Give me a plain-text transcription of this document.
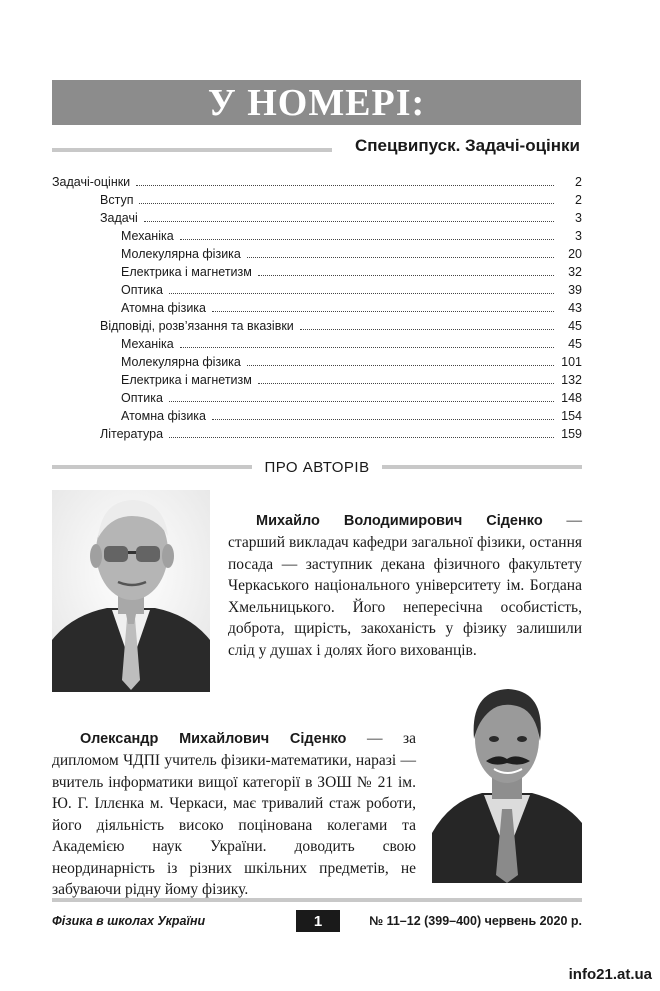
У НОМЕРІ:
Спецвипуск. Задачі-оцінки
Задачі-оцінки	2
Вступ	2
Задачі	3
Механіка	3
Молекулярна фізика	20
Електрика і магнетизм	32
Оптика	39
Атомна фізика	43
Відповіді, розв’язання та вказівки	45
Механіка	45
Молекулярна фізика	101
Електрика і магнетизм	132
Оптика	148
Атомна фізика	154
Література	159
ПРО АВТОРІВ

Михайло Володимирович Сіденко — старший викладач кафедри загальної фізики, остання посада — заступник декана фізичного факультету Черкаського національного університету ім. Богдана Хмельницького. Його непересічна особистість, доброта, щирість, закоханість у фізику залишили слід у душах і долях його вихованців.

Олександр Михайлович Сіденко — за дипломом ЧДПІ учитель фізики-математики, наразі — вчитель інформатики вищої категорії в ЗОШ № 21 ім. Ю. Г. Іллєнка м. Черкаси, має тривалий стаж роботи, його діяльність високо поцінована колегами та Академією наук України. доводить свою неординарність із різних шкільних предметів, не забуваючи рідну йому фізику.

Фізика в школах України	1	№ 11–12 (399–400) червень 2020 р.
info21.at.ua
